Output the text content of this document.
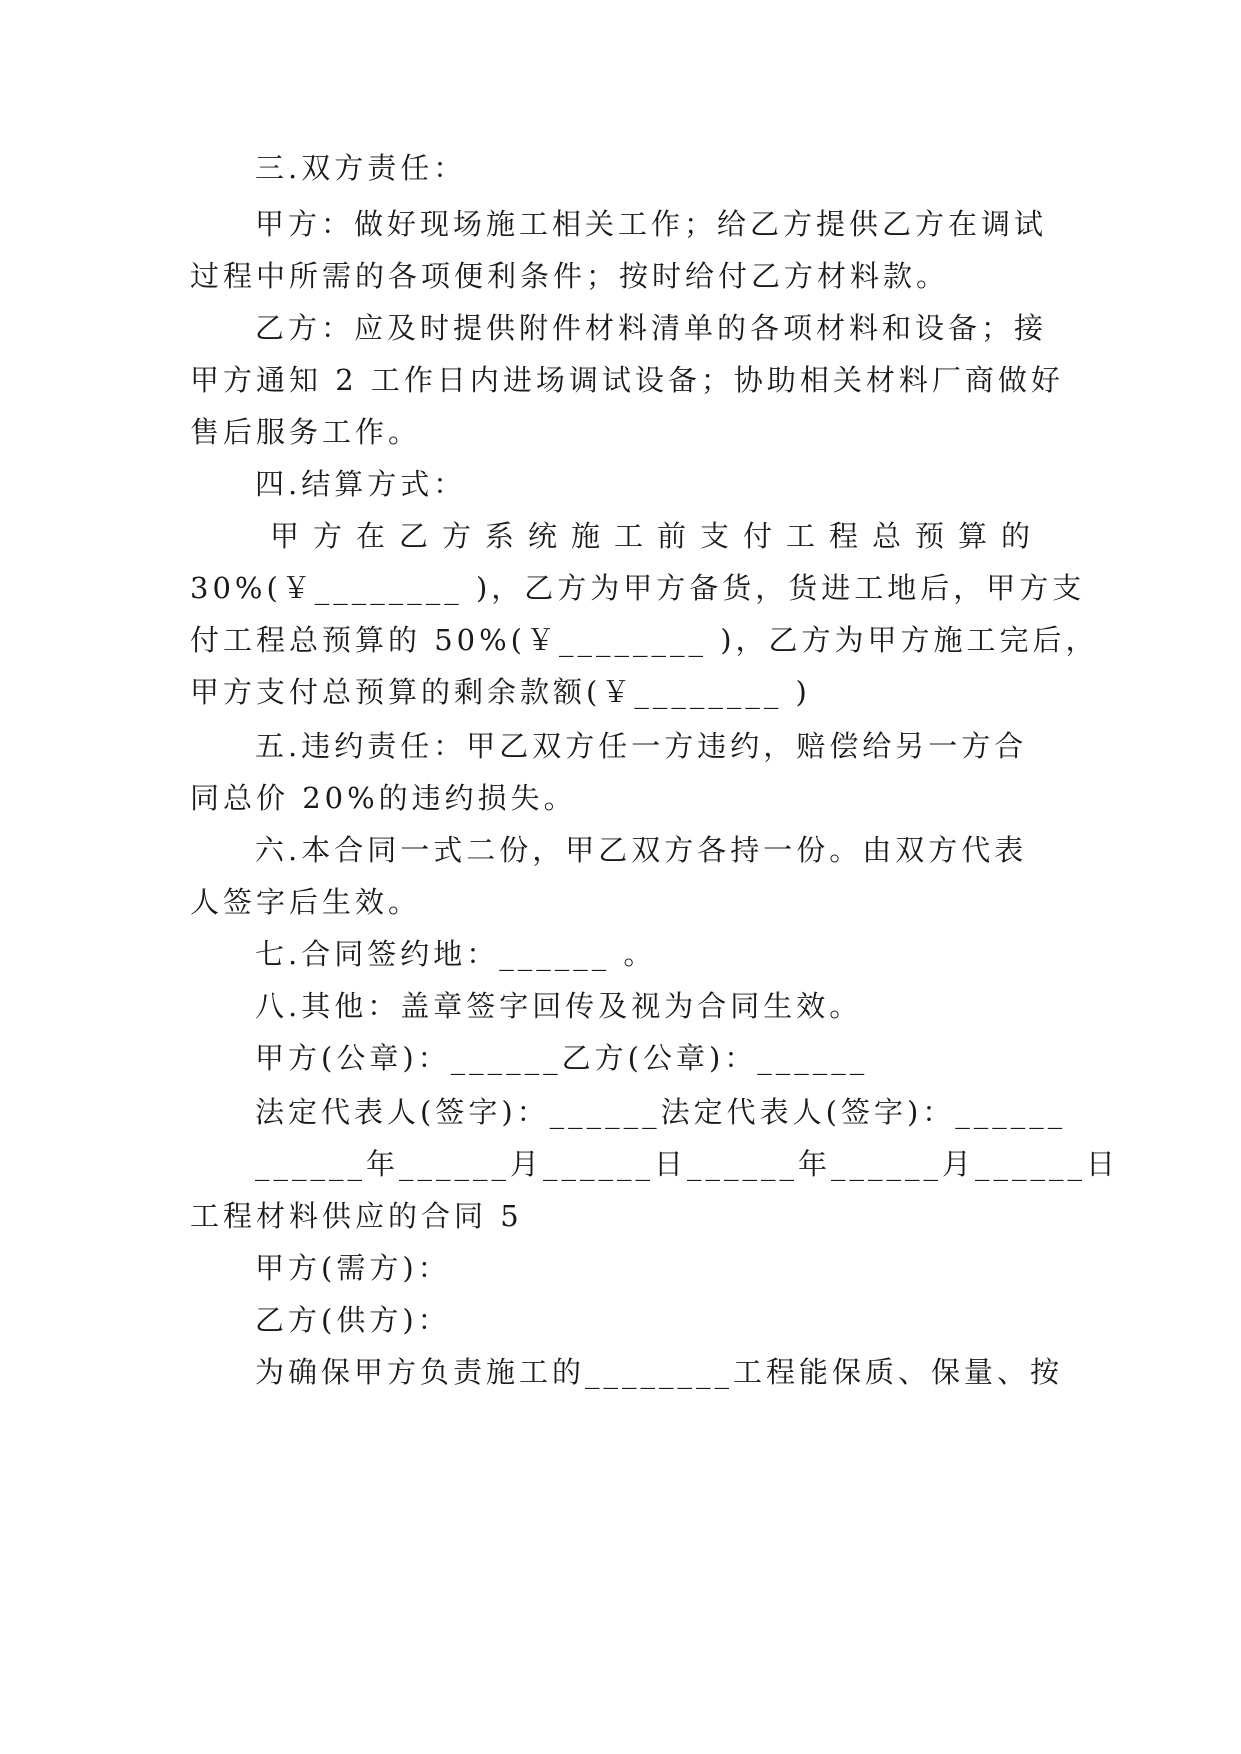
三.双方责任：
甲方：做好现场施工相关工作；给乙方提供乙方在调试
过程中所需的各项便利条件；按时给付乙方材料款。
乙方：应及时提供附件材料清单的各项材料和设备；接
甲方通知 2 工作日内进场调试设备；协助相关材料厂商做好
售后服务工作。
四.结算方式：
甲方在乙方系统施工前支付工程总预算的
30%(￥________ )，乙方为甲方备货，货进工地后，甲方支
付工程总预算的 50%(￥________ )，乙方为甲方施工完后，
甲方支付总预算的剩余款额(￥________ )
五.违约责任：甲乙双方任一方违约，赔偿给另一方合
同总价 20%的违约损失。
六.本合同一式二份，甲乙双方各持一份。由双方代表
人签字后生效。
七.合同签约地：______ 。
八.其他：盖章签字回传及视为合同生效。
甲方(公章)：______乙方(公章)：______
法定代表人(签字)：______法定代表人(签字)：______
______年______月______日______年______月______日
工程材料供应的合同 5
甲方(需方)：
乙方(供方)：
为确保甲方负责施工的________工程能保质、保量、按
